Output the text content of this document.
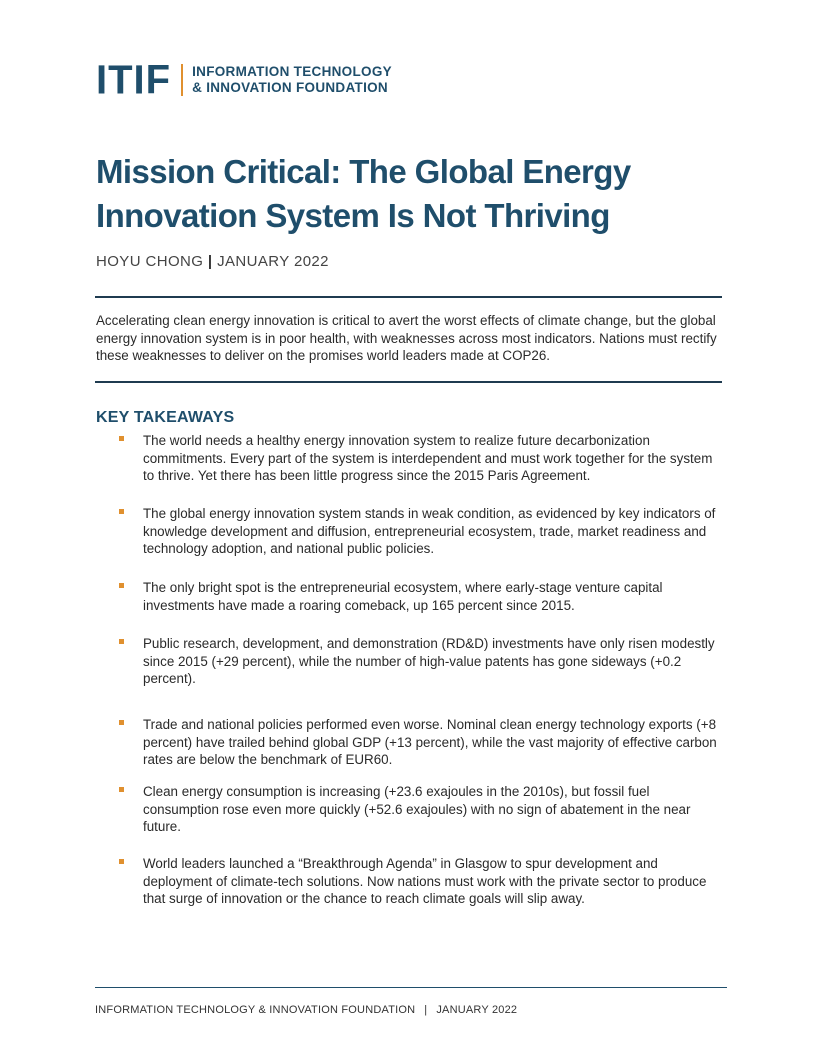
ITIF INFORMATION TECHNOLOGY
& INNOVATION FOUNDATION
Mission Critical: The Global Energy Innovation System Is Not Thriving
HOYU CHONG | JANUARY 2022

Accelerating clean energy innovation is critical to avert the worst effects of climate change, but the global energy innovation system is in poor health, with weaknesses across most indicators. Nations must rectify these weaknesses to deliver on the promises world leaders made at COP26.

KEY TAKEAWAYS
The world needs a healthy energy innovation system to realize future decarbonization commitments. Every part of the system is interdependent and must work together for the system to thrive. Yet there has been little progress since the 2015 Paris Agreement.
The global energy innovation system stands in weak condition, as evidenced by key indicators of knowledge development and diffusion, entrepreneurial ecosystem, trade, market readiness and technology adoption, and national public policies.
The only bright spot is the entrepreneurial ecosystem, where early-stage venture capital investments have made a roaring comeback, up 165 percent since 2015.
Public research, development, and demonstration (RD&D) investments have only risen modestly since 2015 (+29 percent), while the number of high-value patents has gone sideways (+0.2 percent).
Trade and national policies performed even worse. Nominal clean energy technology exports (+8 percent) have trailed behind global GDP (+13 percent), while the vast majority of effective carbon rates are below the benchmark of EUR60.
Clean energy consumption is increasing (+23.6 exajoules in the 2010s), but fossil fuel consumption rose even more quickly (+52.6 exajoules) with no sign of abatement in the near future.
World leaders launched a “Breakthrough Agenda” in Glasgow to spur development and deployment of climate-tech solutions. Now nations must work with the private sector to produce that surge of innovation or the chance to reach climate goals will slip away.
INFORMATION TECHNOLOGY & INNOVATION FOUNDATION | JANUARY 2022
